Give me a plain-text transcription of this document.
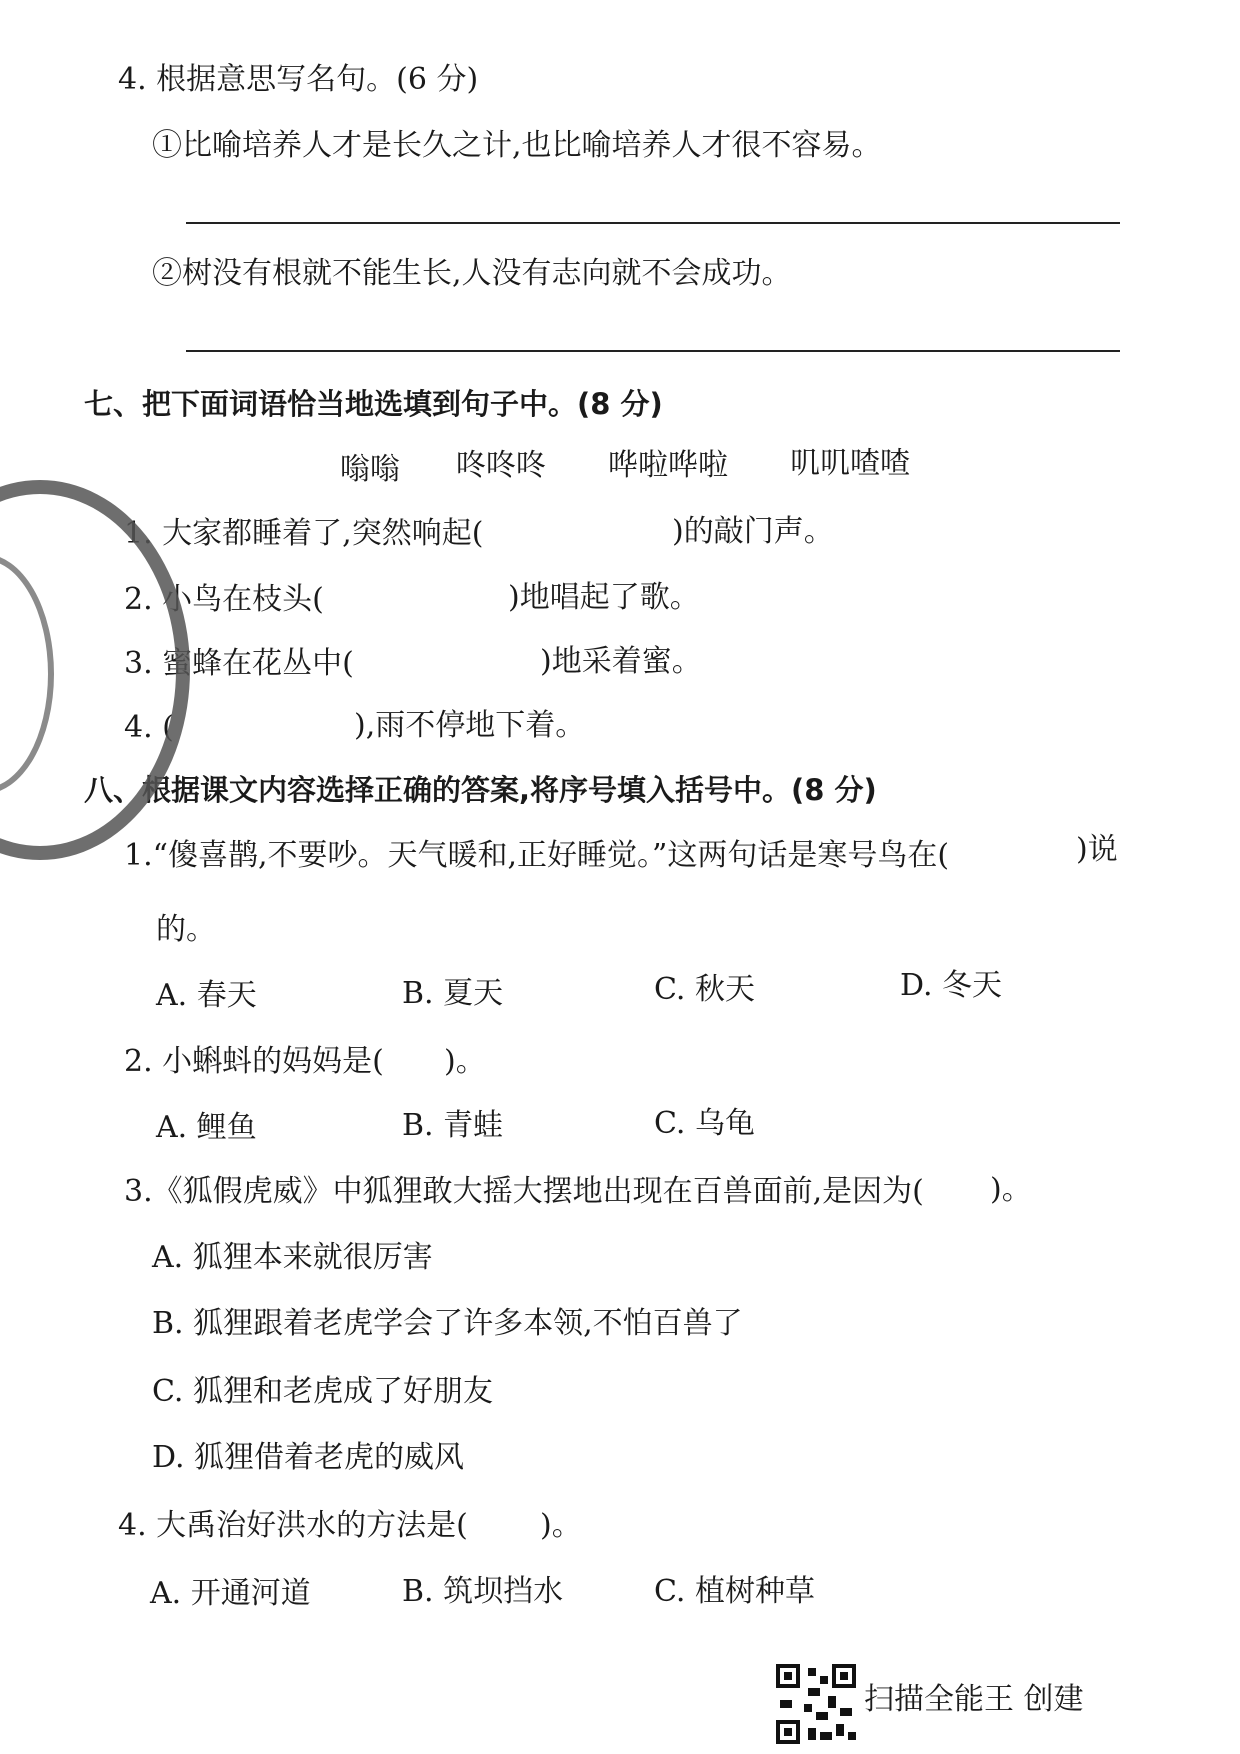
4. 根据意思写名句。(6 分)
①比喻培养人才是长久之计,也比喻培养人才很不容易。
②树没有根就不能生长,人没有志向就不会成功。
七、把下面词语恰当地选填到句子中。(8 分)
嗡嗡 咚咚咚 哗啦哗啦 叽叽喳喳
1. 大家都睡着了,突然响起(	)的敲门声。
2. 小鸟在枝头(	)地唱起了歌。
3. 蜜蜂在花丛中(	)地采着蜜。
4. (	),雨不停地下着。
八、根据课文内容选择正确的答案,将序号填入括号中。(8 分)
1.“傻喜鹊,不要吵。天气暖和,正好睡觉。”这两句话是寒号鸟在(	)说
的。
A. 春天	B. 夏天	C. 秋天	D. 冬天
2. 小蝌蚪的妈妈是( )。
A. 鲤鱼	B. 青蛙	C. 乌龟
3.《狐假虎威》中狐狸敢大摇大摆地出现在百兽面前,是因为( )。
A. 狐狸本来就很厉害
B. 狐狸跟着老虎学会了许多本领,不怕百兽了
C. 狐狸和老虎成了好朋友
D. 狐狸借着老虎的威风
4. 大禹治好洪水的方法是( )。
A. 开通河道	B. 筑坝挡水	C. 植树种草
扫描全能王 创建
